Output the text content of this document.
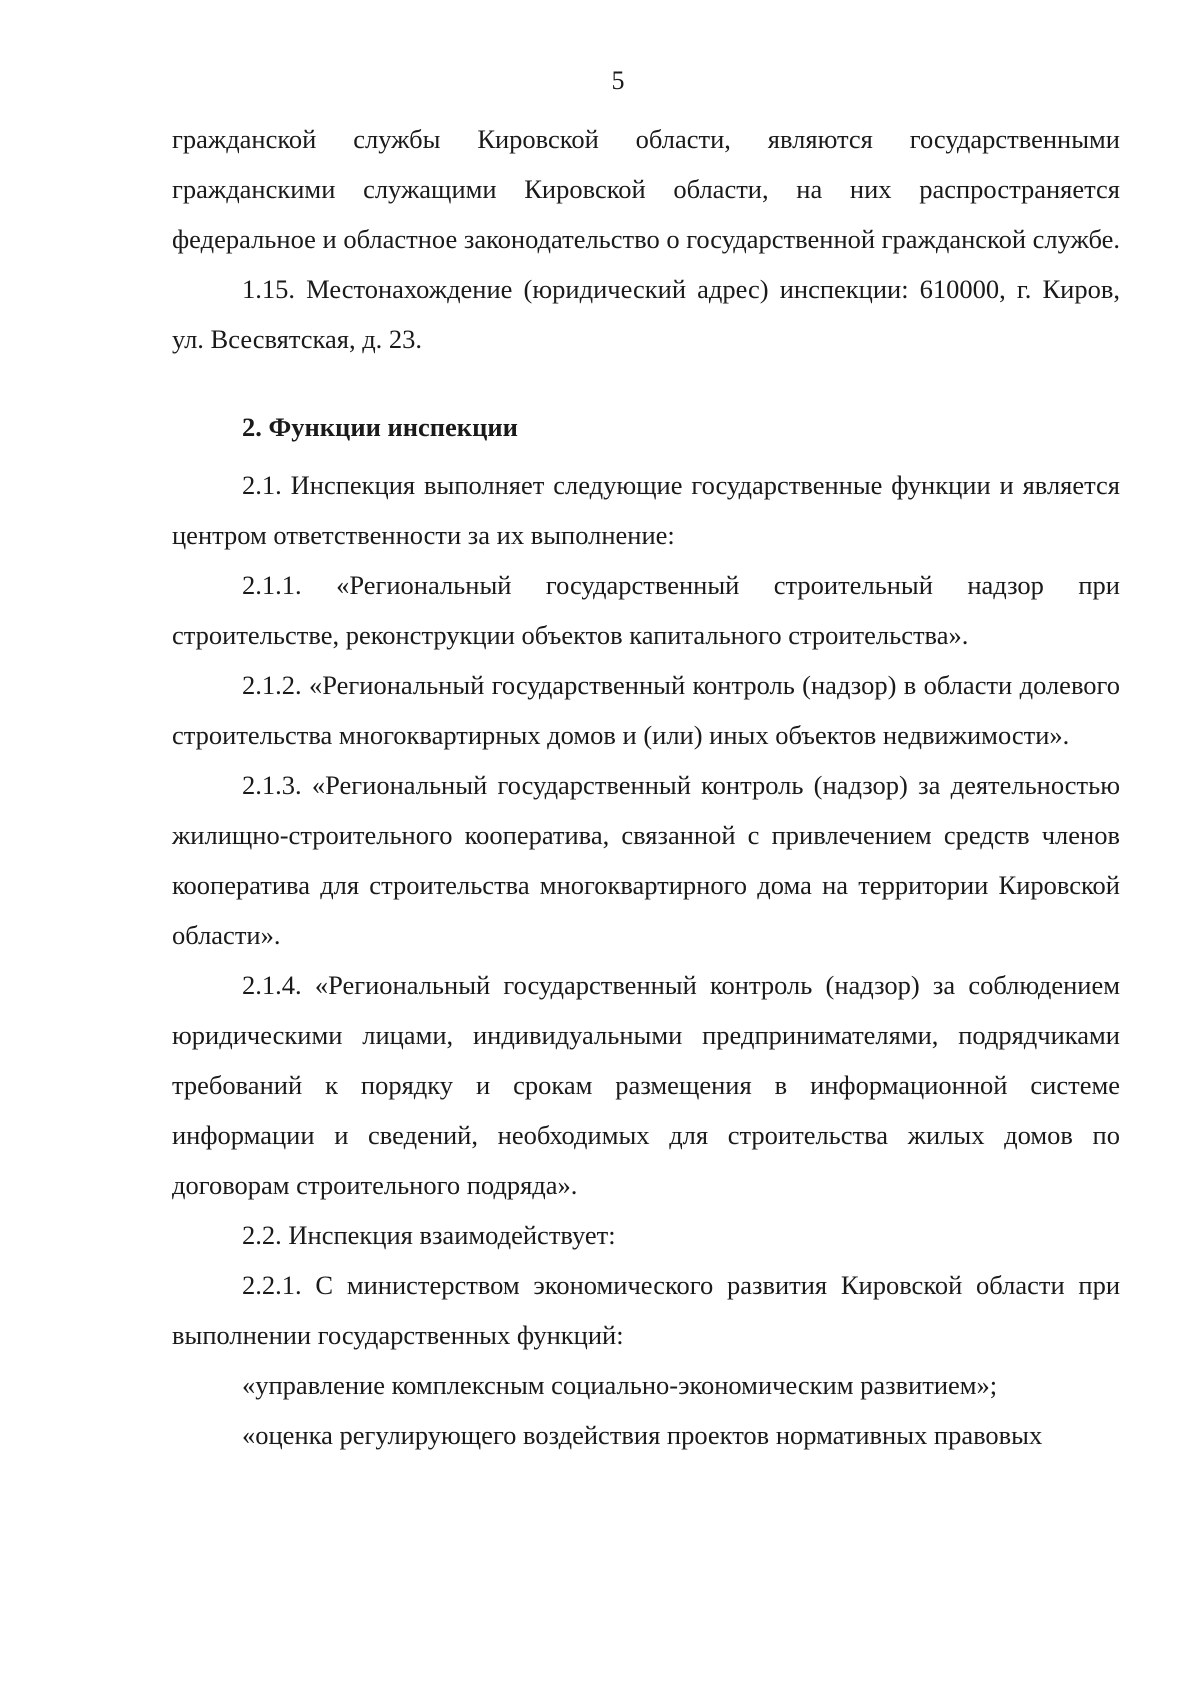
5

гражданской службы Кировской области, являются государственными гражданскими служащими Кировской области, на них распространяется федеральное и областное законодательство о государственной гражданской службе.

1.15. Местонахождение (юридический адрес) инспекции: 610000, г. Киров, ул. Всесвятская, д. 23.

2. Функции инспекции

2.1. Инспекция выполняет следующие государственные функции и является центром ответственности за их выполнение:

2.1.1. «Региональный государственный строительный надзор при строительстве, реконструкции объектов капитального строительства».

2.1.2. «Региональный государственный контроль (надзор) в области долевого строительства многоквартирных домов и (или) иных объектов недвижимости».

2.1.3. «Региональный государственный контроль (надзор) за деятельностью жилищно-строительного кооператива, связанной с привлечением средств членов кооператива для строительства многоквартирного дома на территории Кировской области».

2.1.4. «Региональный государственный контроль (надзор) за соблюдением юридическими лицами, индивидуальными предпринимателями, подрядчиками требований к порядку и срокам размещения в информационной системе информации и сведений, необходимых для строительства жилых домов по договорам строительного подряда».

2.2. Инспекция взаимодействует:

2.2.1. С министерством экономического развития Кировской области при выполнении государственных функций:

«управление комплексным социально-экономическим развитием»;

«оценка регулирующего воздействия проектов нормативных правовых
